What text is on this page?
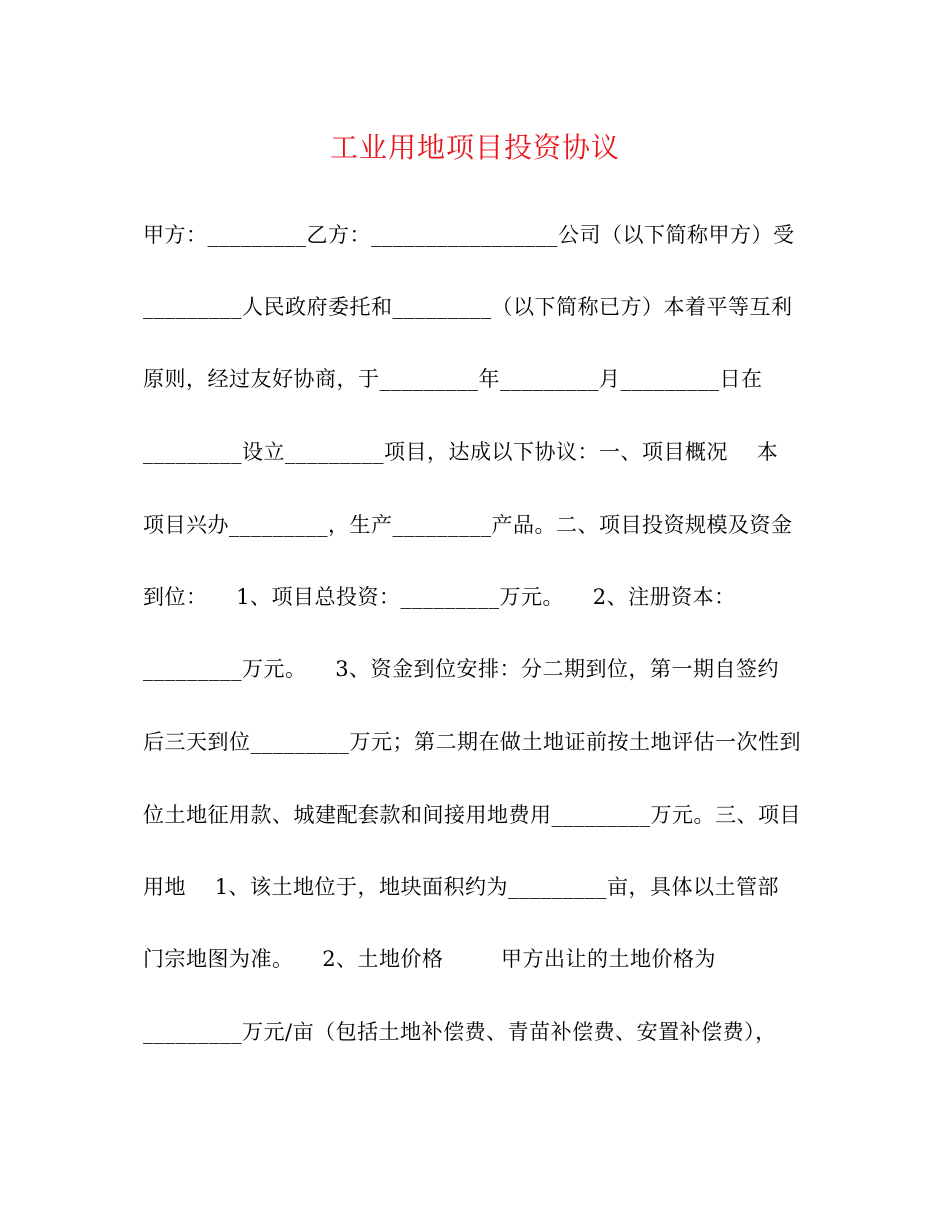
工业用地项目投资协议
甲方：_________乙方：_________________公司（以下简称甲方）受
_________人民政府委托和_________（以下简称已方）本着平等互利
原则，经过友好协商，于_________年_________月_________日在
_________设立_________项目，达成以下协议：一、项目概况    本
项目兴办_________，生产_________产品。二、项目投资规模及资金
到位：    1、项目总投资：_________万元。    2、注册资本：
_________万元。    3、资金到位安排：分二期到位，第一期自签约
后三天到位_________万元；第二期在做土地证前按土地评估一次性到
位土地征用款、城建配套款和间接用地费用_________万元。三、项目
用地    1、该土地位于，地块面积约为_________亩，具体以土管部
门宗地图为准。    2、土地价格        甲方出让的土地价格为
_________万元/亩（包括土地补偿费、青苗补偿费、安置补偿费），
